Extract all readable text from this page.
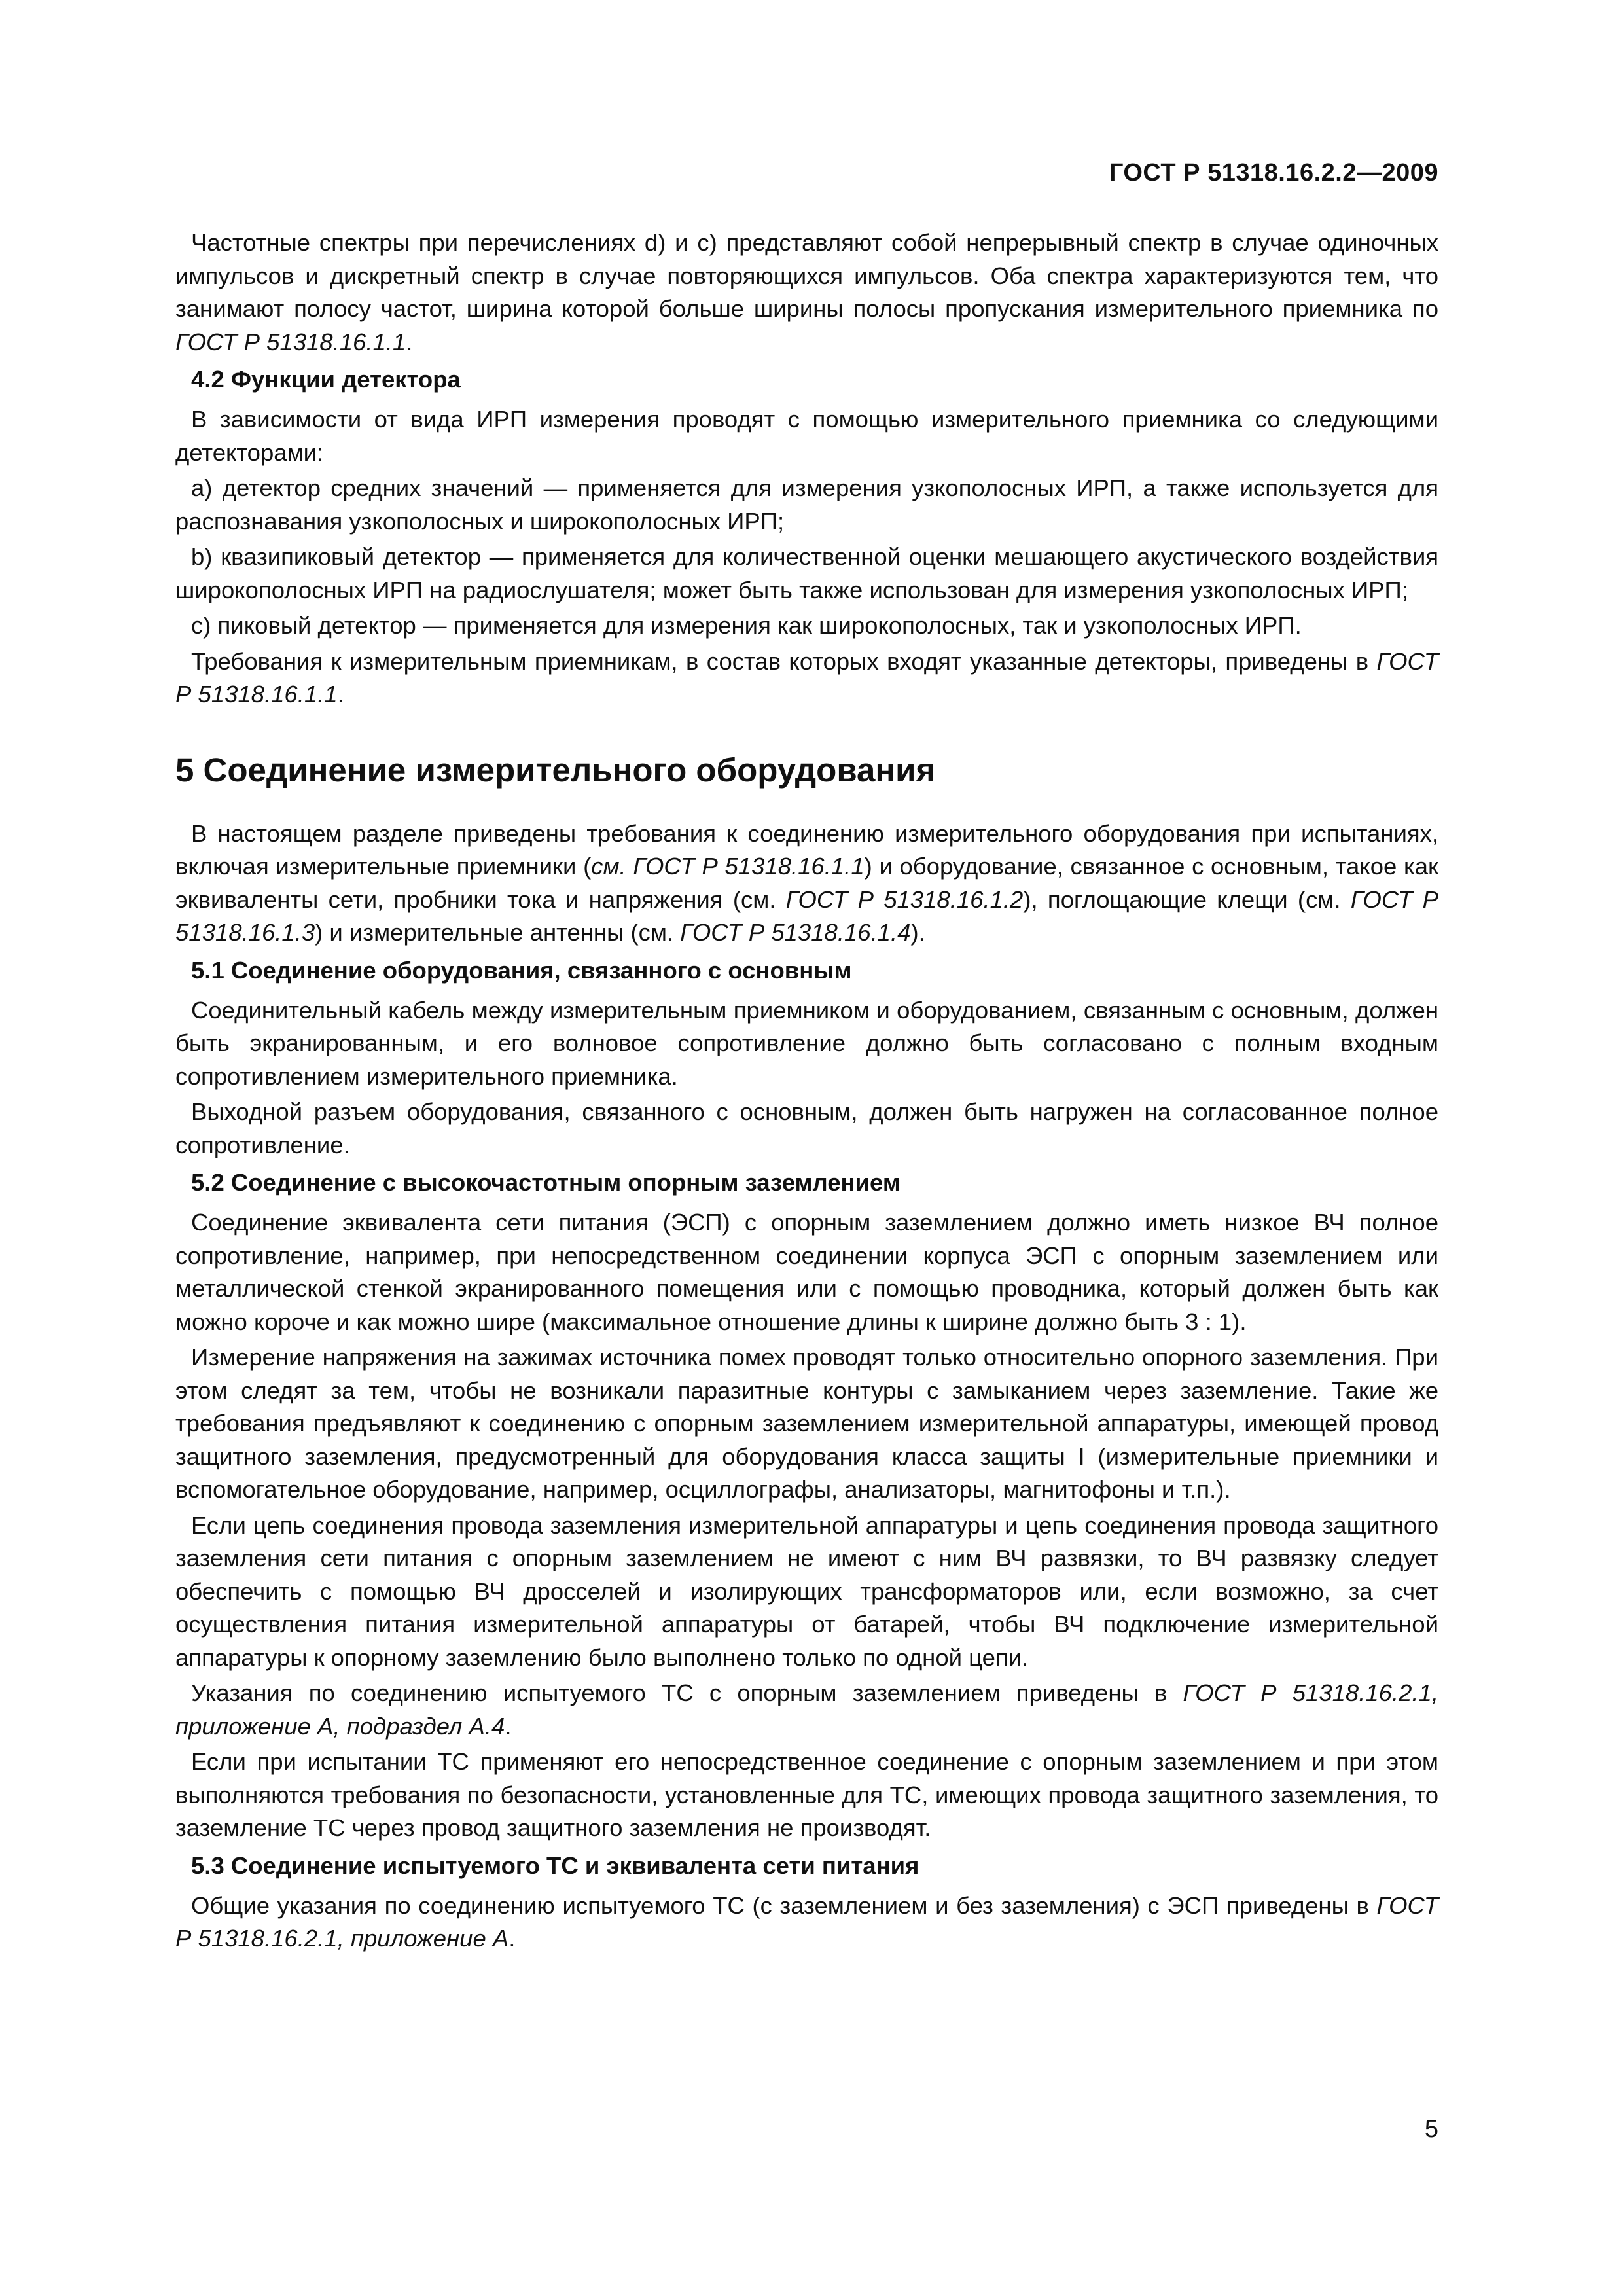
ГОСТ Р 51318.16.2.2—2009

Частотные спектры при перечислениях d) и с) представляют собой непрерывный спектр в случае одиночных импульсов и дискретный спектр в случае повторяющихся импульсов. Оба спектра характеризуются тем, что занимают полосу частот, ширина которой больше ширины полосы пропускания измерительного приемника по ГОСТ Р 51318.16.1.1.

4.2 Функции детектора

В зависимости от вида ИРП измерения проводят с помощью измерительного приемника со следующими детекторами:

a) детектор средних значений — применяется для измерения узкополосных ИРП, а также используется для распознавания узкополосных и широкополосных ИРП;

b) квазипиковый детектор — применяется для количественной оценки мешающего акустического воздействия широкополосных ИРП на радиослушателя; может быть также использован для измерения узкополосных ИРП;

c) пиковый детектор — применяется для измерения как широкополосных, так и узкополосных ИРП.

Требования к измерительным приемникам, в состав которых входят указанные детекторы, приведены в ГОСТ Р 51318.16.1.1.

5 Соединение измерительного оборудования

В настоящем разделе приведены требования к соединению измерительного оборудования при испытаниях, включая измерительные приемники (см. ГОСТ Р 51318.16.1.1) и оборудование, связанное с основным, такое как эквиваленты сети, пробники тока и напряжения (см. ГОСТ Р 51318.16.1.2), поглощающие клещи (см. ГОСТ Р 51318.16.1.3) и измерительные антенны (см. ГОСТ Р 51318.16.1.4).

5.1 Соединение оборудования, связанного с основным

Соединительный кабель между измерительным приемником и оборудованием, связанным с основным, должен быть экранированным, и его волновое сопротивление должно быть согласовано с полным входным сопротивлением измерительного приемника.

Выходной разъем оборудования, связанного с основным, должен быть нагружен на согласованное полное сопротивление.

5.2 Соединение с высокочастотным опорным заземлением

Соединение эквивалента сети питания (ЭСП) с опорным заземлением должно иметь низкое ВЧ полное сопротивление, например, при непосредственном соединении корпуса ЭСП с опорным заземлением или металлической стенкой экранированного помещения или с помощью проводника, который должен быть как можно короче и как можно шире (максимальное отношение длины к ширине должно быть 3 : 1).

Измерение напряжения на зажимах источника помех проводят только относительно опорного заземления. При этом следят за тем, чтобы не возникали паразитные контуры с замыканием через заземление. Такие же требования предъявляют к соединению с опорным заземлением измерительной аппаратуры, имеющей провод защитного заземления, предусмотренный для оборудования класса защиты I (измерительные приемники и вспомогательное оборудование, например, осциллографы, анализаторы, магнитофоны и т.п.).

Если цепь соединения провода заземления измерительной аппаратуры и цепь соединения провода защитного заземления сети питания с опорным заземлением не имеют с ним ВЧ развязки, то ВЧ развязку следует обеспечить с помощью ВЧ дросселей и изолирующих трансформаторов или, если возможно, за счет осуществления питания измерительной аппаратуры от батарей, чтобы ВЧ подключение измерительной аппаратуры к опорному заземлению было выполнено только по одной цепи.

Указания по соединению испытуемого ТС с опорным заземлением приведены в ГОСТ Р 51318.16.2.1, приложение А, подраздел А.4.

Если при испытании ТС применяют его непосредственное соединение с опорным заземлением и при этом выполняются требования по безопасности, установленные для ТС, имеющих провода защитного заземления, то заземление ТС через провод защитного заземления не производят.

5.3 Соединение испытуемого ТС и эквивалента сети питания

Общие указания по соединению испытуемого ТС (с заземлением и без заземления) с ЭСП приведены в ГОСТ Р 51318.16.2.1, приложение А.

5
